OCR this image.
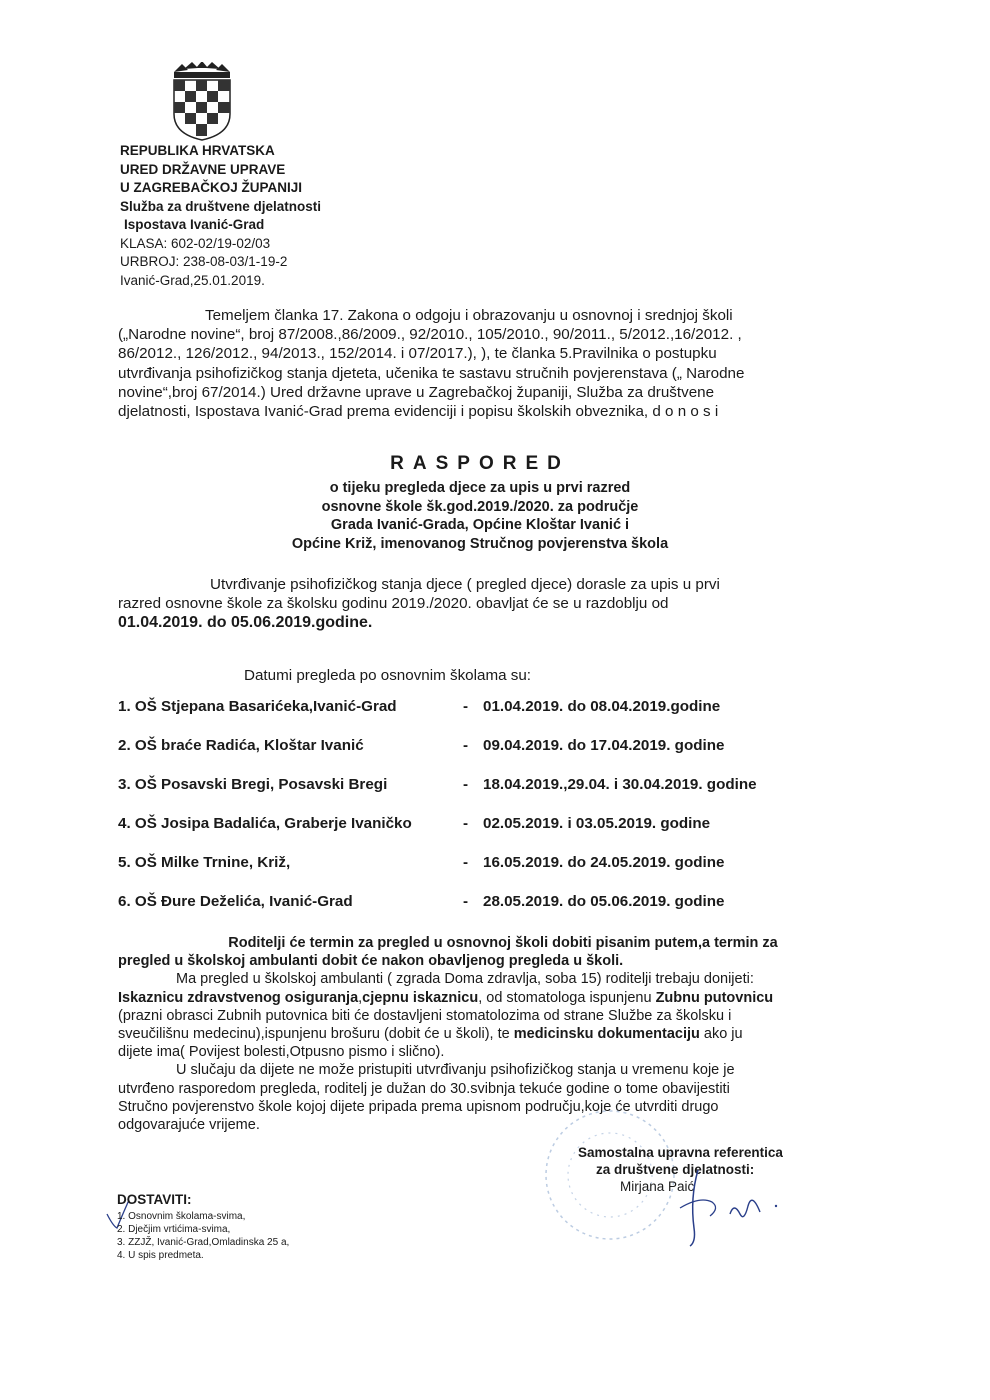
REPUBLIKA HRVATSKA
URED DRŽAVNE UPRAVE
U ZAGREBAČKOJ ŽUPANIJI
Služba za društvene djelatnosti
Ispostava Ivanić-Grad
KLASA: 602-02/19-02/03
URBROJ: 238-08-03/1-19-2
Ivanić-Grad,25.01.2019.
Temeljem članka 17. Zakona o odgoju i obrazovanju u osnovnoj i srednjoj školi
(„Narodne novine“, broj 87/2008.,86/2009., 92/2010., 105/2010., 90/2011., 5/2012.,16/2012. ,
86/2012., 126/2012., 94/2013., 152/2014. i 07/2017.), ), te članka 5.Pravilnika o postupku
utvrđivanja psihofizičkog stanja djeteta, učenika te sastavu stručnih povjerenstava („ Narodne
novine“,broj 67/2014.) Ured državne uprave u Zagrebačkoj županiji, Služba za društvene
djelatnosti, Ispostava Ivanić-Grad prema evidenciji i popisu školskih obveznika, d o n o s i
RASPORED
o tijeku pregleda djece za upis u prvi razred
osnovne škole šk.god.2019./2020. za područje
Grada Ivanić-Grada, Općine Kloštar Ivanić i
Općine Križ, imenovanog Stručnog povjerenstva škola
Utvrđivanje psihofizičkog stanja djece ( pregled djece) dorasle za upis u prvi
razred osnovne škole za školsku godinu 2019./2020. obavljat će se u razdoblju od
01.04.2019. do 05.06.2019.godine.
Datumi pregleda po osnovnim školama su:
1. OŠ Stjepana Basarićeka,Ivanić-Grad	- 01.04.2019. do 08.04.2019.godine
2. OŠ braće Radića, Kloštar Ivanić	- 09.04.2019. do 17.04.2019. godine
3. OŠ Posavski Bregi, Posavski Bregi	- 18.04.2019.,29.04. i 30.04.2019. godine
4. OŠ Josipa Badalića, Graberje Ivaničko	- 02.05.2019. i 03.05.2019. godine
5. OŠ Milke Trnine, Križ,	- 16.05.2019. do 24.05.2019. godine
6. OŠ Đure Deželića, Ivanić-Grad	- 28.05.2019. do 05.06.2019. godine
Roditelji će termin za pregled u osnovnoj školi dobiti pisanim putem,a termin za
pregled u školskoj ambulanti dobit će nakon obavljenog pregleda u školi.
Ma pregled u školskoj ambulanti ( zgrada Doma zdravlja, soba 15) roditelji trebaju donijeti:
Iskaznicu zdravstvenog osiguranja,cjepnu iskaznicu, od stomatologa ispunjenu Zubnu putovnicu
(prazni obrasci Zubnih putovnica biti će dostavljeni stomatolozima od strane Službe za školsku i
sveučilišnu medecinu),ispunjenu brošuru (dobit će u školi), te medicinsku dokumentaciju ako ju
dijete ima( Povijest bolesti,Otpusno pismo i slično).
U slučaju da dijete ne može pristupiti utvrđivanju psihofizičkog stanja u vremenu koje je
utvrđeno rasporedom pregleda, roditelj je dužan do 30.svibnja tekuće godine o tome obavijestiti
Stručno povjerenstvo škole kojoj dijete pripada prema upisnom području,koje će utvrditi drugo
odgovarajuće vrijeme.
Samostalna upravna referentica
za društvene djelatnosti:
Mirjana Paić
DOSTAVITI:
1. Osnovnim školama-svima,
2. Dječjim vrtićima-svima,
3. ZZJŽ, Ivanić-Grad,Omladinska 25 a,
4. U spis predmeta.
